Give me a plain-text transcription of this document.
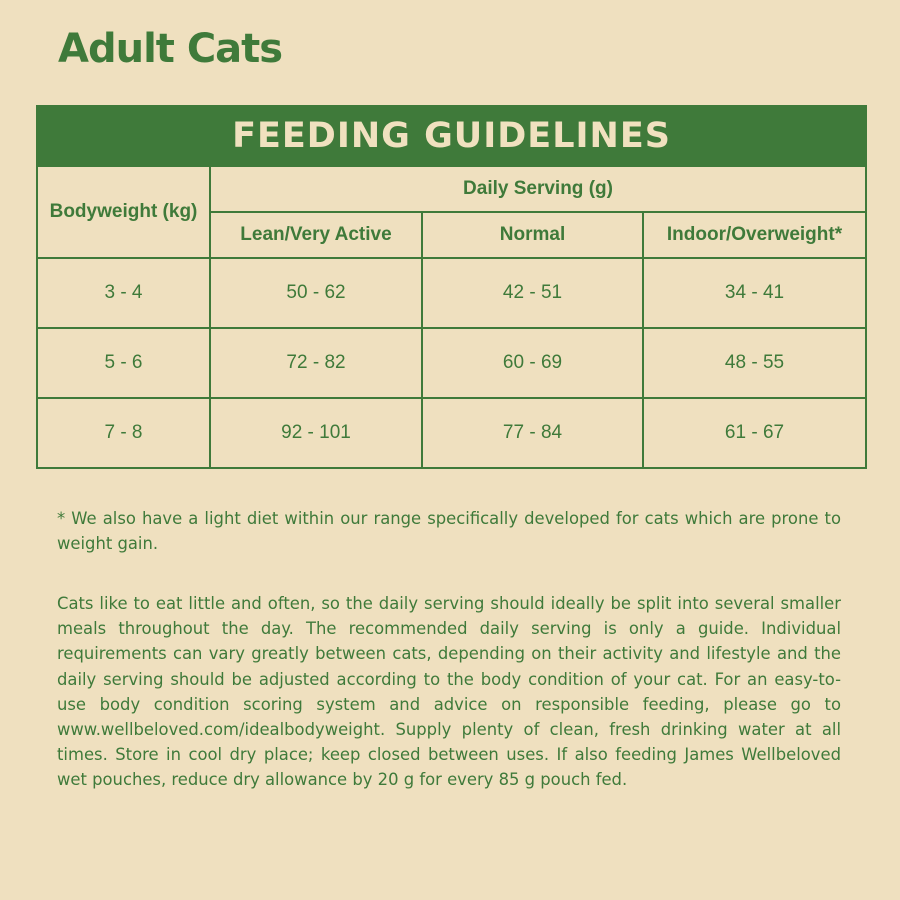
Adult Cats
FEEDING GUIDELINES			
Bodyweight (kg)	Daily Serving (g)		
	Lean/Very Active	Normal	Indoor/Overweight*
3 - 4	50 - 62	42 - 51	34 - 41
5 - 6	72 - 82	60 - 69	48 - 55
7 - 8	92 - 101	77 - 84	61 - 67

* We also have a light diet within our range specifically developed for cats which are prone to weight gain.

Cats like to eat little and often, so the daily serving should ideally be split into several smaller meals throughout the day. The recommended daily serving is only a guide. Individual requirements can vary greatly between cats, depending on their activity and lifestyle and the daily serving should be adjusted according to the body condition of your cat. For an easy-to-use body condition scoring system and advice on responsible feeding, please go to www.wellbeloved.com/idealbodyweight. Supply plenty of clean, fresh drinking water at all times. Store in cool dry place; keep closed between uses. If also feeding James Wellbeloved wet pouches, reduce dry allowance by 20 g for every 85 g pouch fed.
